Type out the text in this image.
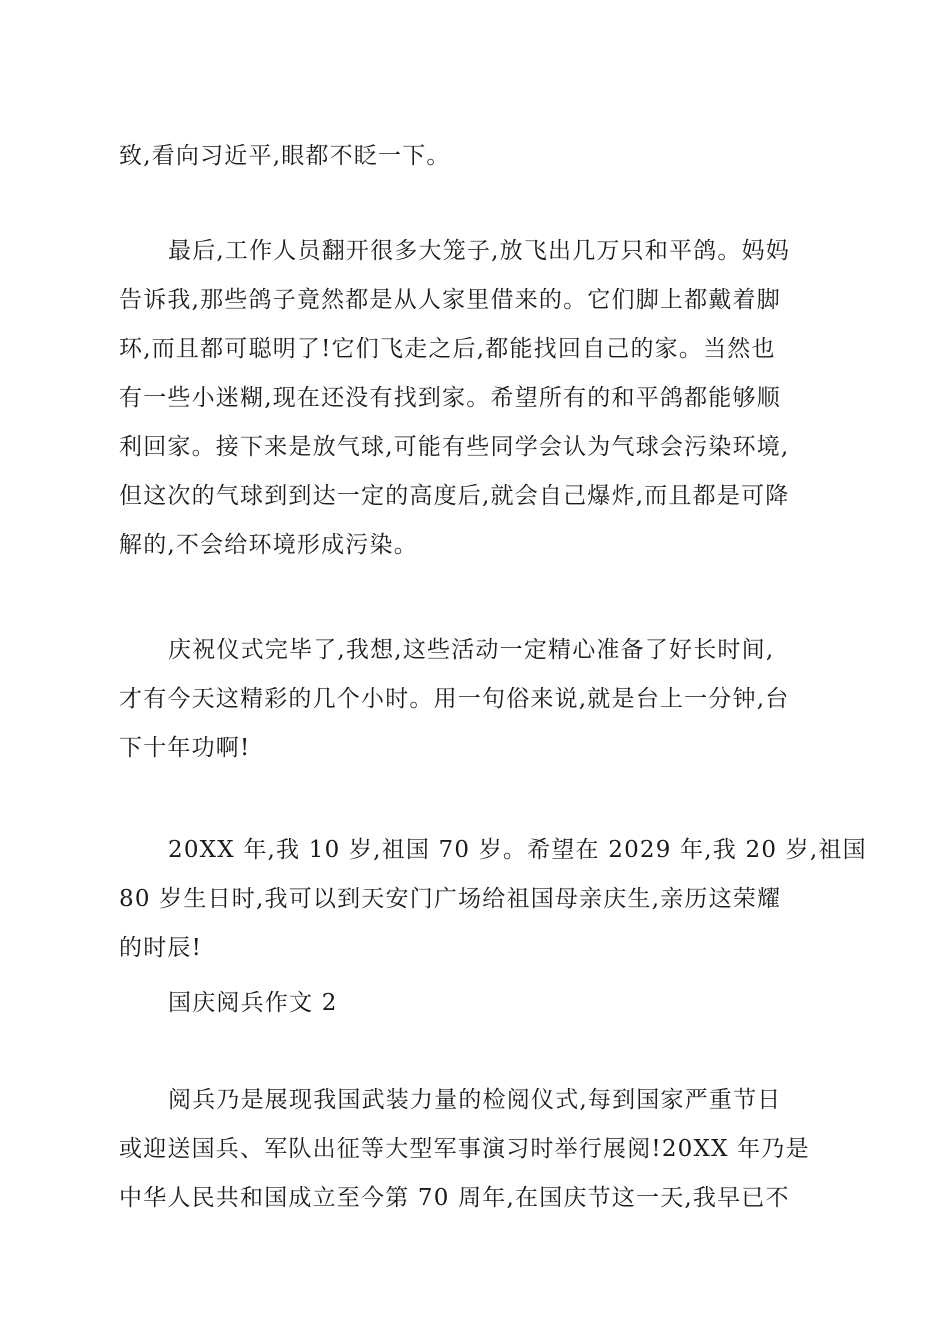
致,看向习近平,眼都不眨一下。
最后,工作人员翻开很多大笼子,放飞出几万只和平鸽。妈妈
告诉我,那些鸽子竟然都是从人家里借来的。它们脚上都戴着脚
环,而且都可聪明了!它们飞走之后,都能找回自己的家。当然也
有一些小迷糊,现在还没有找到家。希望所有的和平鸽都能够顺
利回家。接下来是放气球,可能有些同学会认为气球会污染环境,
但这次的气球到到达一定的高度后,就会自己爆炸,而且都是可降
解的,不会给环境形成污染。
庆祝仪式完毕了,我想,这些活动一定精心准备了好长时间,
才有今天这精彩的几个小时。用一句俗来说,就是台上一分钟,台
下十年功啊!
20XX 年,我 10 岁,祖国 70 岁。希望在 2029 年,我 20 岁,祖国
80 岁生日时,我可以到天安门广场给祖国母亲庆生,亲历这荣耀
的时辰!
国庆阅兵作文 2
阅兵乃是展现我国武装力量的检阅仪式,每到国家严重节日
或迎送国兵、军队出征等大型军事演习时举行展阅!20XX 年乃是
中华人民共和国成立至今第 70 周年,在国庆节这一天,我早已不
